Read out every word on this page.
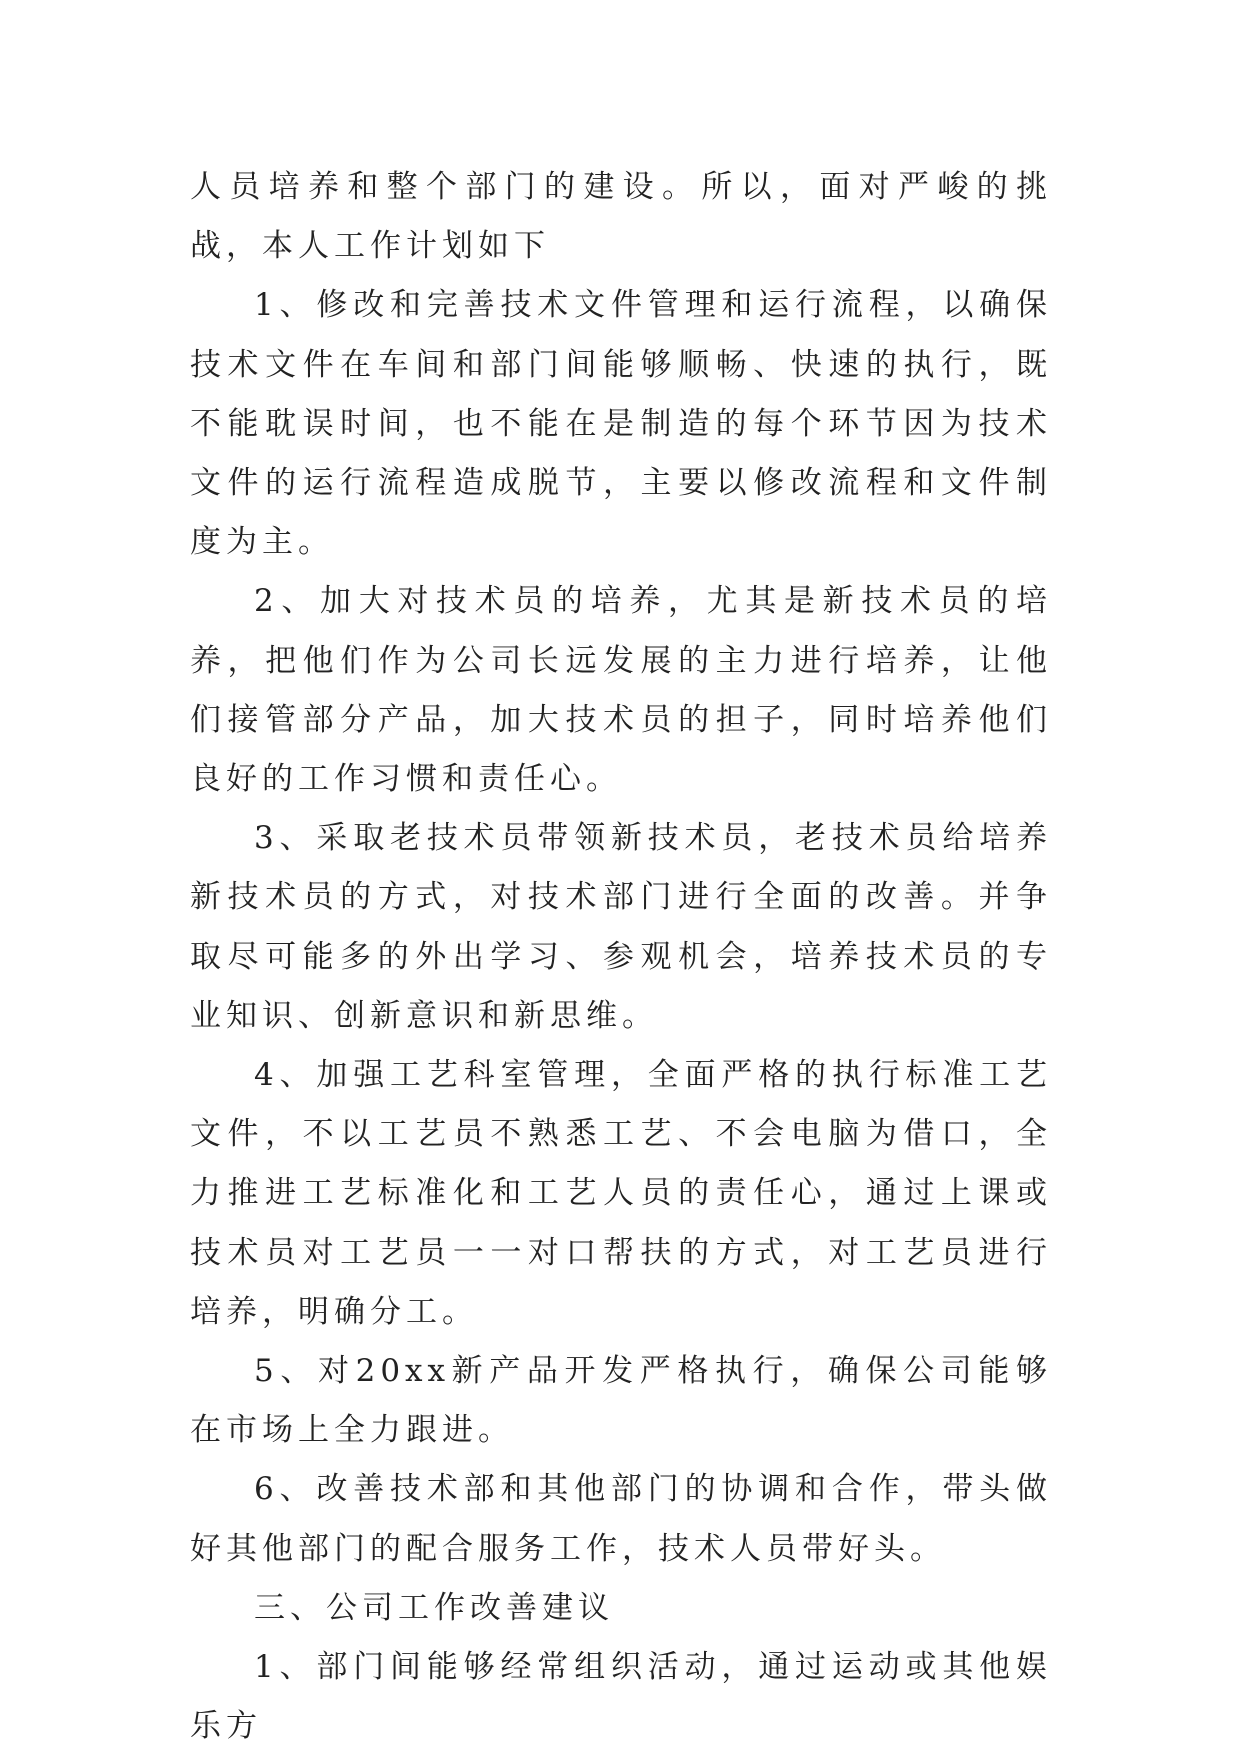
人员培养和整个部门的建设。所以，面对严峻的挑战，本人工作计划如下

1、修改和完善技术文件管理和运行流程，以确保技术文件在车间和部门间能够顺畅、快速的执行，既不能耽误时间，也不能在是制造的每个环节因为技术文件的运行流程造成脱节，主要以修改流程和文件制度为主。

2、加大对技术员的培养，尤其是新技术员的培养，把他们作为公司长远发展的主力进行培养，让他们接管部分产品，加大技术员的担子，同时培养他们良好的工作习惯和责任心。

3、采取老技术员带领新技术员，老技术员给培养新技术员的方式，对技术部门进行全面的改善。并争取尽可能多的外出学习、参观机会，培养技术员的专业知识、创新意识和新思维。

4、加强工艺科室管理，全面严格的执行标准工艺文件，不以工艺员不熟悉工艺、不会电脑为借口，全力推进工艺标准化和工艺人员的责任心，通过上课或技术员对工艺员一一对口帮扶的方式，对工艺员进行培养，明确分工。

5、对20xx新产品开发严格执行，确保公司能够在市场上全力跟进。

6、改善技术部和其他部门的协调和合作，带头做好其他部门的配合服务工作，技术人员带好头。

三、公司工作改善建议

1、部门间能够经常组织活动，通过运动或其他娱乐方
